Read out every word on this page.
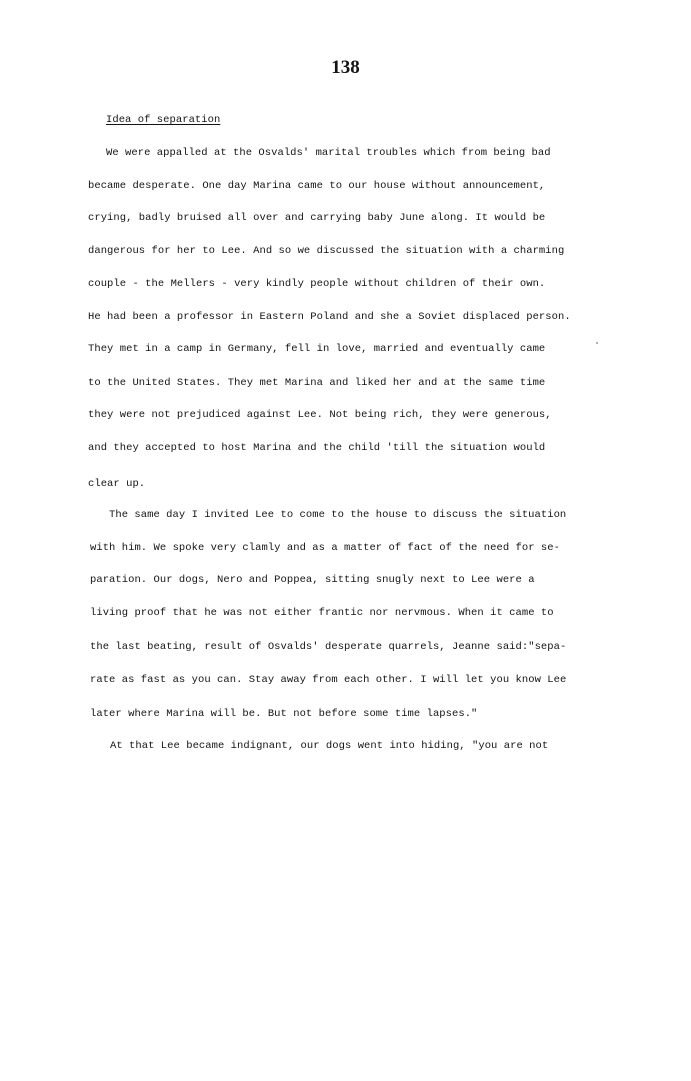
138
Idea of separation
We were appalled at the Osvalds' marital troubles which from being bad
became desperate. One day Marina came to our house without announcement,
crying, badly bruised all over and carrying baby June along. It would be
dangerous for her to Lee. And so we discussed the situation with a charming
couple - the Mellers - very kindly people without children of their own.
He had been a professor in Eastern Poland and she a Soviet displaced person.
They met in a camp in Germany, fell in love, married and eventually came
to the United States. They met Marina and liked her and at the same time
they were not prejudiced against Lee. Not being rich, they were generous,
and they accepted to host Marina and the child 'till the situation would
clear up.
The same day I invited Lee to come to the house to discuss the situation
with him. We spoke very clamly and as a matter of fact of the need for se-
paration. Our dogs, Nero and Poppea, sitting snugly next to Lee were a
living proof that he was not either frantic nor nervmous. When it came to
the last beating, result of Osvalds' desperate quarrels, Jeanne said:"sepa-
rate as fast as you can. Stay away from each other. I will let you know Lee
later where Marina will be. But not before some time lapses."
At that Lee became indignant, our dogs went into hiding, "you are not
